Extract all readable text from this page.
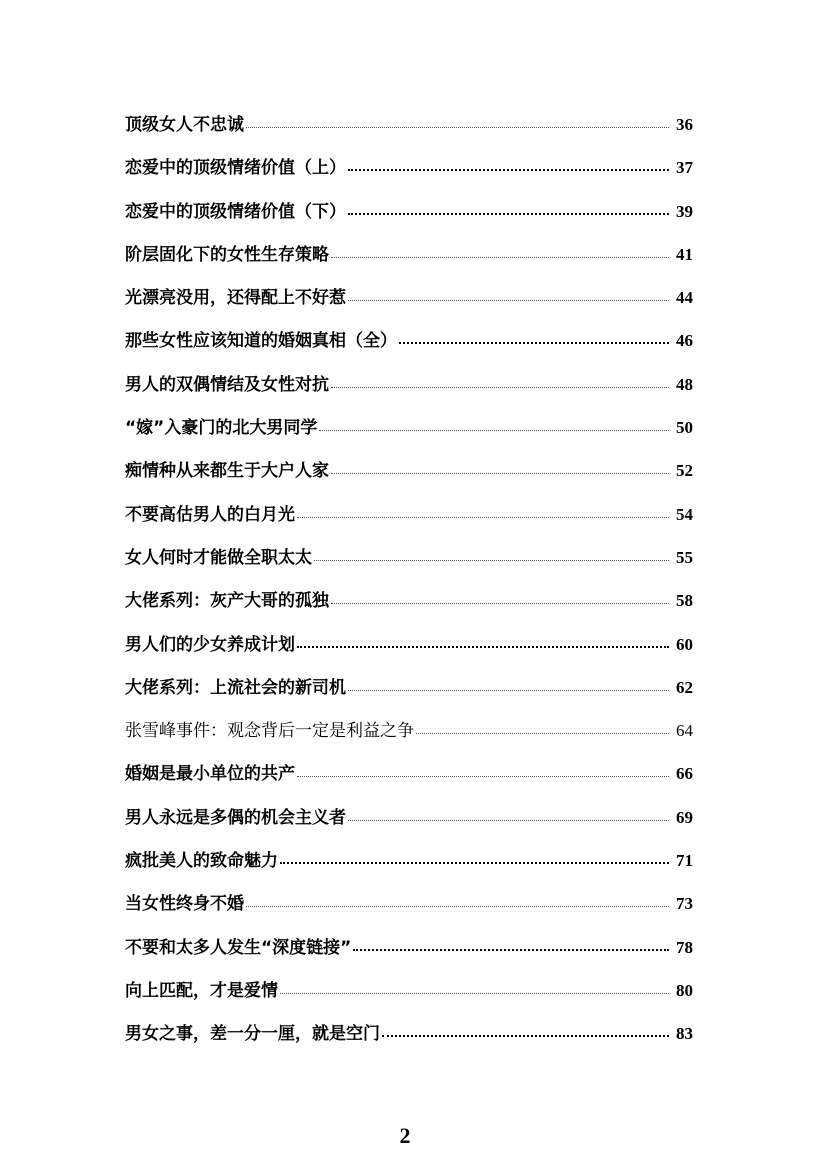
顶级女人不忠诚	36
恋爱中的顶级情绪价值（上）	37
恋爱中的顶级情绪价值（下）	39
阶层固化下的女性生存策略	41
光漂亮没用，还得配上不好惹	44
那些女性应该知道的婚姻真相（全）	46
男人的双偶情结及女性对抗	48
“嫁”入豪门的北大男同学	50
痴情种从来都生于大户人家	52
不要高估男人的白月光	54
女人何时才能做全职太太	55
大佬系列：灰产大哥的孤独	58
男人们的少女养成计划	60
大佬系列：上流社会的新司机	62
张雪峰事件：观念背后一定是利益之争	64
婚姻是最小单位的共产	66
男人永远是多偶的机会主义者	69
疯批美人的致命魅力	71
当女性终身不婚	73
不要和太多人发生“深度链接”	78
向上匹配，才是爱情	80
男女之事，差一分一厘，就是空门	83
2
